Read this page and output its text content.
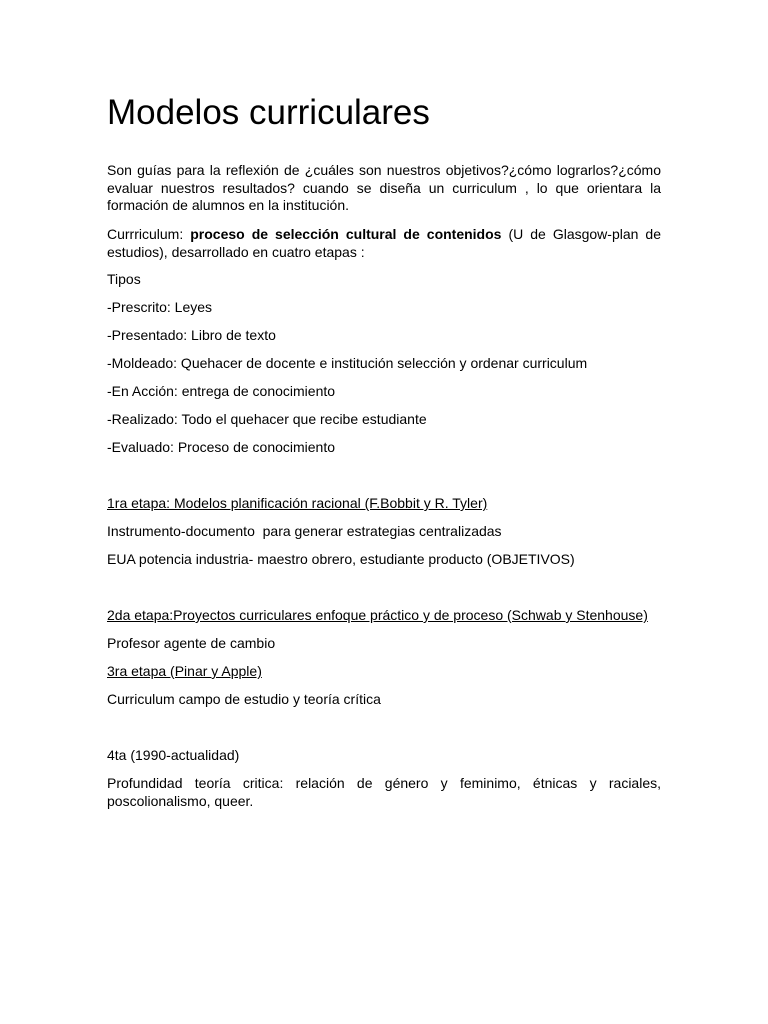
Modelos curriculares

Son guías para la reflexión de ¿cuáles son nuestros objetivos?¿cómo lograrlos?¿cómo evaluar nuestros resultados? cuando se diseña un curriculum , lo que orientara la formación de alumnos en la institución.

Currriculum: proceso de selección cultural de contenidos (U de Glasgow-plan de estudios), desarrollado en cuatro etapas :

Tipos

-Prescrito: Leyes

-Presentado: Libro de texto

-Moldeado: Quehacer de docente e institución selección y ordenar curriculum

-En Acción: entrega de conocimiento

-Realizado: Todo el quehacer que recibe estudiante

-Evaluado: Proceso de conocimiento

1ra etapa: Modelos planificación racional (F.Bobbit y R. Tyler)

Instrumento-documento  para generar estrategias centralizadas

EUA potencia industria- maestro obrero, estudiante producto (OBJETIVOS)

2da etapa:Proyectos curriculares enfoque práctico y de proceso (Schwab y Stenhouse)

Profesor agente de cambio

3ra etapa (Pinar y Apple)

Curriculum campo de estudio y teoría crítica

4ta (1990-actualidad)

Profundidad teoría critica: relación de género y feminimo, étnicas y raciales, poscolionalismo, queer.
